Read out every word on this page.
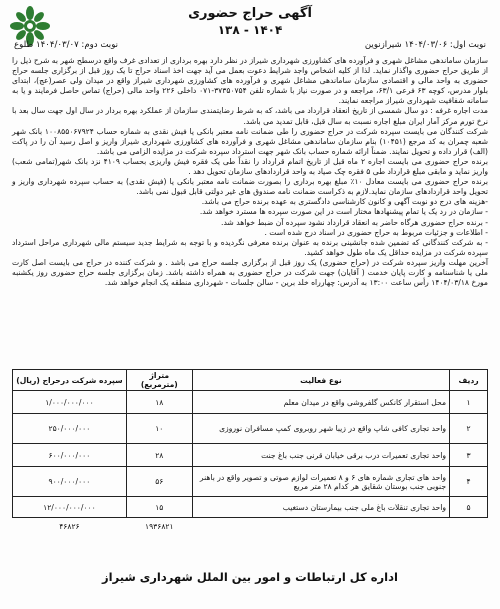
آگهی حراج حضوری
۱۳۸ - ۱۴۰۴
نوبت اول: ۱۴۰۴/۰۳/۰۶ شیرازنوین
نوبت دوم: ۱۴۰۴/۰۳/۰۷ طلوع

سازمان ساماندهی مشاغل شهری و فرآورده های کشاورزی شهرداری شیراز در نظر دارد بهره برداری از تعدادی غرف واقع درسطح شهر به شرح ذیل را از طریق حراج حضوری واگذار نماید. لذا از کلیه اشخاص واجد شرایط دعوت بعمل می آید جهت اخذ اسناد حراج تا یک روز قبل از برگزاری جلسه حراج حضوری به واحد مالی و اقتصادی سازمان ساماندهی مشاغل شهری و فرآورده های کشاورزی شهرداری شیراز واقع در میدان ولی عصر(عج)، ابتدای بلوار مدرس، کوچه ۶۳ فرعی ۶۳/۱، مراجعه و در صورت نیاز با شماره تلفن ۳۷۳۵۰۷۵۴-۰۷۱ داخلی ۲۲۶ واحد مالی (حراج) تماس حاصل فرمایند و یا به سامانه شفافیت شهرداری شیراز مراجعه نمایند.

مدت اجاره غرفه : دو سال شمسی از تاریخ انعقاد قرارداد می باشد، که به شرط رضایتمندی سازمان از عملکرد بهره بردار در سال اول جهت سال بعد با نرخ تورم مرکز آمار ایران مبلغ اجاره نسبت به سال قبل، قابل تمدید می باشد.

شرکت کنندگان می بایست سپرده شرکت در حراج حضوری را طی ضمانت نامه معتبر بانکی یا فیش نقدی به شماره حساب ۱۰۰۸۵۵۰۶۷۹۲۴ بانک شهر شعبه چمران به کد مرجع (۱۰۴۵۱) بنام سازمان ساماندهی مشاغل شهری و فرآورده های کشاورزی شهرداری شیراز واریز و اصل رسید آن را در پاکت (الف) قرار داده و تحویل نمایند. ضمناً ارائه شماره حساب بانک شهر جهت استرداد سپرده شرکت در مزایده الزامی می باشد.

برنده حراج حضوری می بایست اجاره ۲ ماه قبل از تاریخ اتمام قرارداد را نقداً طی یک فقره فیش واریزی بحساب ۴۱۰۹ نزد بانک شهر(تمامی شعب) واریز نماید و مابقی مبلغ قرارداد طی ۵ فقره چک صیاد به واحد قراردادهای سازمان تحویل دهد .

برنده حراج حضوری می بایست معادل ۱۰٪ مبلغ بهره برداری را بصورت ضمانت نامه معتبر بانکی یا (فیش نقدی) به حساب سپرده شهرداری واریز و تحویل واحد قراردادهای سازمان نماید.لازم به ذکراست ضمانت نامه صندوق های غیر دولتی قابل قبول نمی باشد.

-هزینه های درج دو نوبت آگهی و کانون کارشناسی دادگستری به عهده برنده حراج می باشد.

- سازمان در رد یک یا تمام پیشنهادها مختار است در این صورت سپرده ها مسترد خواهد شد.

- برنده حراج حضوری هرگاه حاضر به انعقاد قرارداد نشود سپرده آن ضبط خواهد شد.

- اطلاعات و جزئیات مربوط به حراج حضوری در اسناد درج شده است .

- به شرکت کنندگانی که تضمین شده جانشینی برنده به عنوان برنده معرفی نگردیده و با توجه به شرایط جدید سیستم مالی شهرداری مراحل استرداد سپرده شرکت در مزایده حداقل یک ماه طول خواهد کشید.

آخرین مهلت واریز سپرده شرکت در (حراج حضوری) یک روز قبل از برگزاری جلسه حراج می باشد . و شرکت کننده در حراج می بایست اصل کارت ملی یا شناسنامه و کارت پایان خدمت ( آقایان) جهت شرکت در حراج حضوری به همراه داشته باشد. زمان برگزاری جلسه حراج حضوری روز یکشنبه مورخ ۱۴۰۴/۰۳/۱۸ رأس ساعت ۱۳:۰۰ به آدرس: چهارراه خلد برین - سالن جلسات - شهرداری منطقه یک انجام خواهد شد.

ردیف	نوع فعالیت	متراژ (مترمربع)	سپرده شرکت درحراج (ریال)
۱	محل استقرار کانکس گلفروشی واقع در میدان معلم	۱۸	۱/۰۰۰/۰۰۰/۰۰۰
۲	واحد تجاری کافی شاپ واقع در زیبا شهر روبروی کمپ مسافران نوروزی	۱۰	۲۵۰/۰۰۰/۰۰۰
۳	واحد تجاری تعمیرات درب برقی خیابان قرنی جنب باغ جنت	۲۸	۶۰۰/۰۰۰/۰۰۰
۴	واحد های تجاری شماره های ۶ و ۸ تعمیرات لوازم صوتی و تصویر واقع در باهنر جنوبی جنب بوستان شقایق هر کدام ۲۸ متر مربع	۵۶	۹۰۰/۰۰۰/۰۰۰
۵	واحد تجاری تنقلات باغ ملی جنب بیمارستان دستغیب	۱۵	۱۲/۰۰۰/۰۰۰/۰۰۰
		۱۹۳۶۸۲۱	۴۶۸۲۶
اداره کل ارتباطات و امور بین الملل شهرداری شیراز
